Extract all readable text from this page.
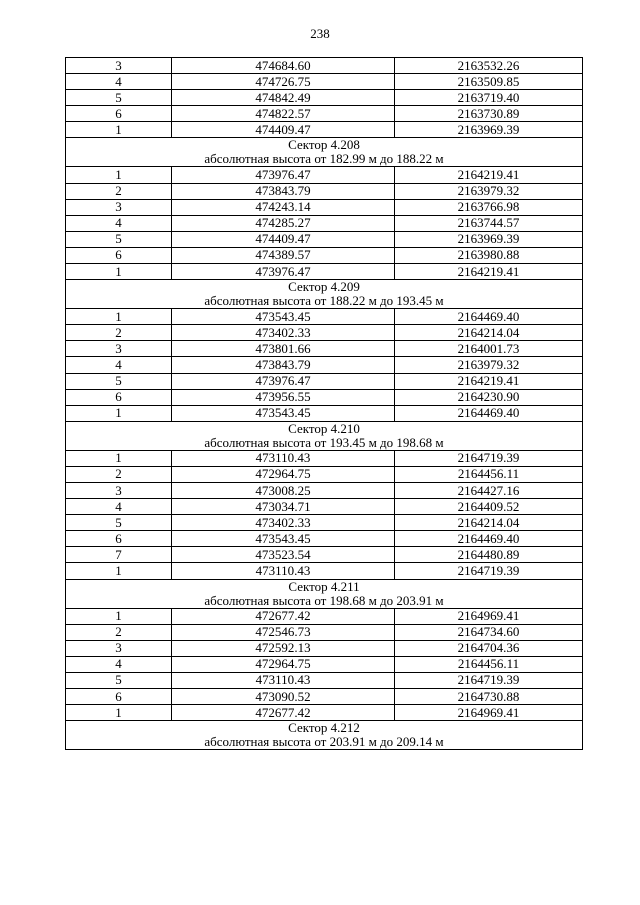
238
3	474684.60	2163532.26
4	474726.75	2163509.85
5	474842.49	2163719.40
6	474822.57	2163730.89
1	474409.47	2163969.39

Сектор 4.208
абсолютная высота от 182.99 м до 188.22 м		

1	473976.47	2164219.41
2	473843.79	2163979.32
3	474243.14	2163766.98
4	474285.27	2163744.57
5	474409.47	2163969.39
6	474389.57	2163980.88
1	473976.47	2164219.41

Сектор 4.209
абсолютная высота от 188.22 м до 193.45 м		

1	473543.45	2164469.40
2	473402.33	2164214.04
3	473801.66	2164001.73
4	473843.79	2163979.32
5	473976.47	2164219.41
6	473956.55	2164230.90
1	473543.45	2164469.40

Сектор 4.210
абсолютная высота от 193.45 м до 198.68 м		

1	473110.43	2164719.39
2	472964.75	2164456.11
3	473008.25	2164427.16
4	473034.71	2164409.52
5	473402.33	2164214.04
6	473543.45	2164469.40
7	473523.54	2164480.89
1	473110.43	2164719.39

Сектор 4.211
абсолютная высота от 198.68 м до 203.91 м		

1	472677.42	2164969.41
2	472546.73	2164734.60
3	472592.13	2164704.36
4	472964.75	2164456.11
5	473110.43	2164719.39
6	473090.52	2164730.88
1	472677.42	2164969.41

Сектор 4.212
абсолютная высота от 203.91 м до 209.14 м		
